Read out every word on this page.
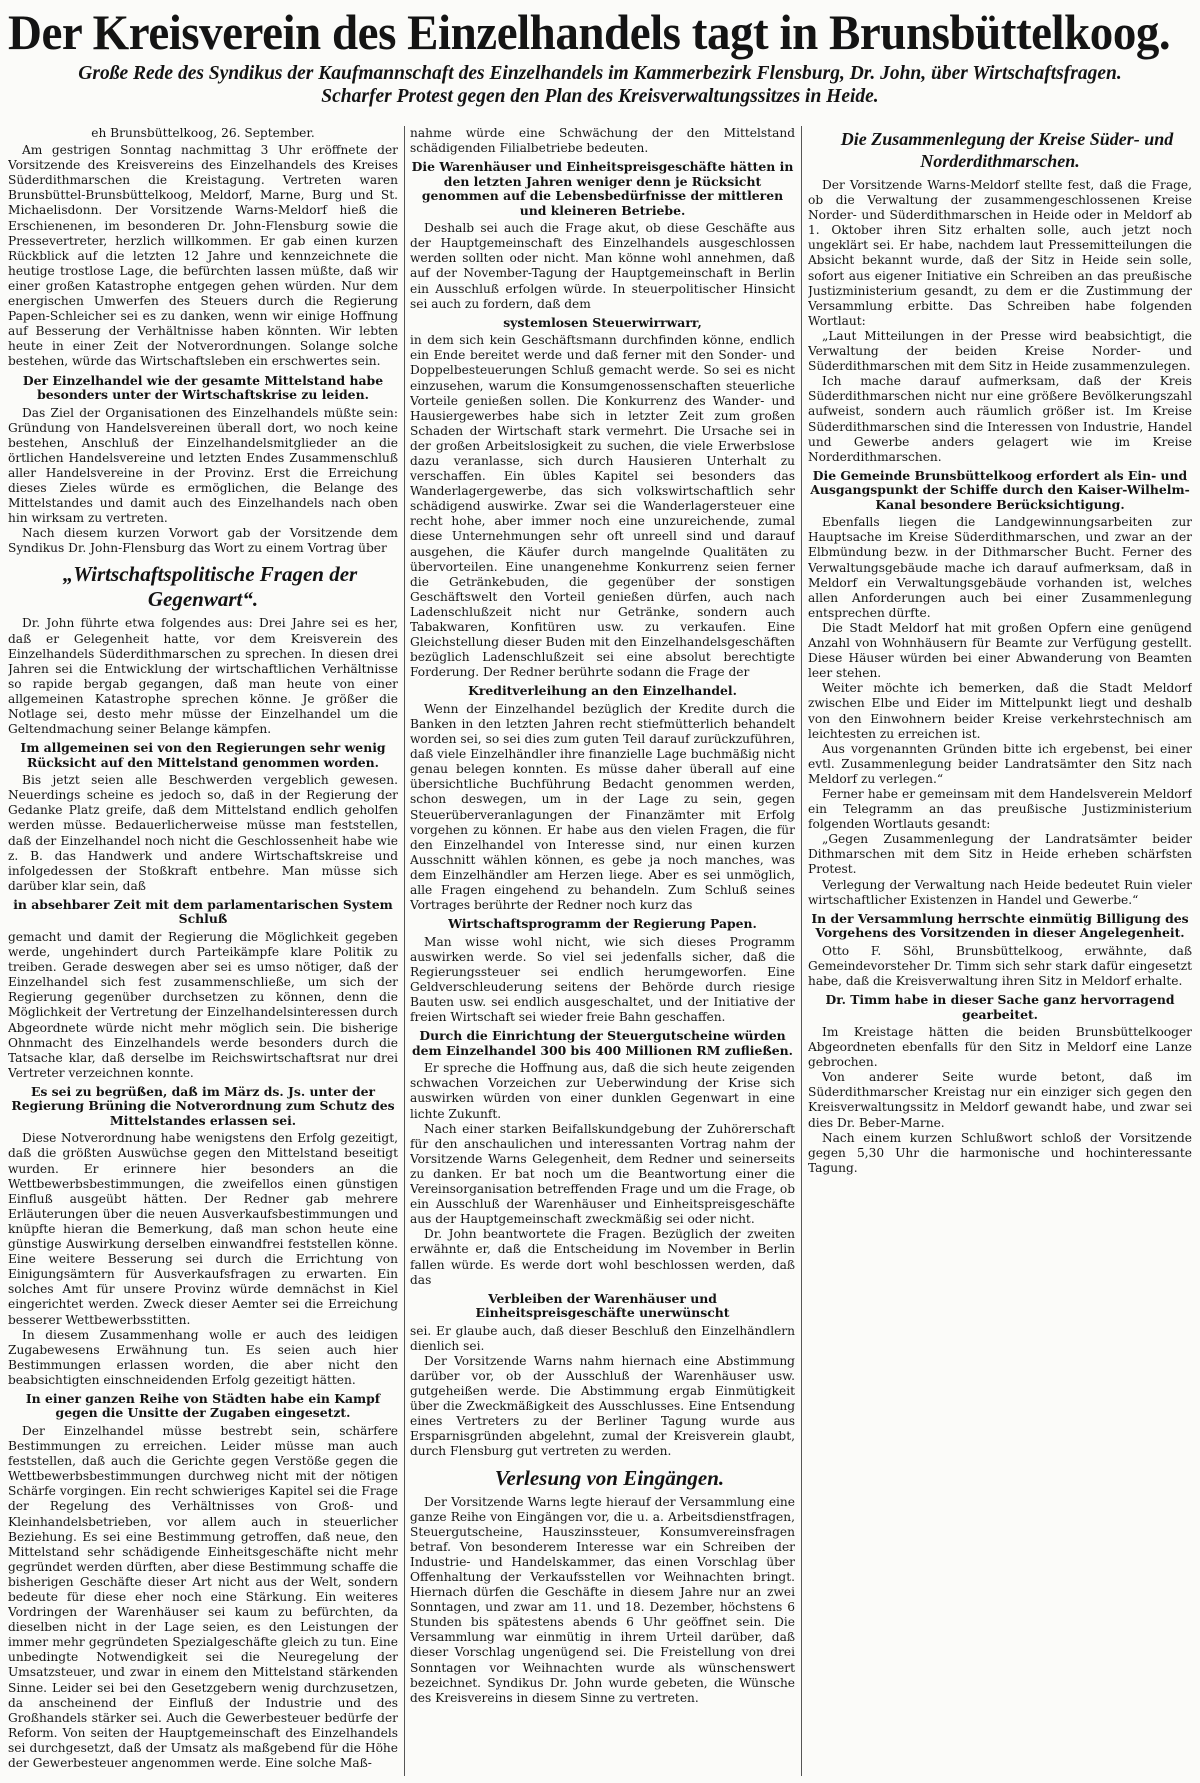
Der Kreisverein des Einzelhandels tagt in Brunsbüttelkoog.
Große Rede des Syndikus der Kaufmannschaft des Einzelhandels im Kammerbezirk Flensburg, Dr. John, über Wirtschaftsfragen.
Scharfer Protest gegen den Plan des Kreisverwaltungssitzes in Heide.

eh Brunsbüttelkoog, 26. September.

Am gestrigen Sonntag nachmittag 3 Uhr eröffnete der Vorsitzende des Kreisvereins des Einzelhandels des Kreises Süderdithmarschen die Kreistagung. Vertreten waren Brunsbüttel-Brunsbüttelkoog, Meldorf, Marne, Burg und St. Michaelisdonn. Der Vorsitzende Warns-Meldorf hieß die Erschienenen, im besonderen Dr. John-Flensburg sowie die Pressevertreter, herzlich willkommen. Er gab einen kurzen Rückblick auf die letzten 12 Jahre und kennzeichnete die heutige trostlose Lage, die befürchten lassen müßte, daß wir einer großen Katastrophe entgegen gehen würden. Nur dem energischen Umwerfen des Steuers durch die Regierung Papen-Schleicher sei es zu danken, wenn wir einige Hoffnung auf Besserung der Verhältnisse haben könnten. Wir lebten heute in einer Zeit der Notverordnungen. Solange solche bestehen, würde das Wirtschaftsleben ein erschwertes sein.

Der Einzelhandel wie der gesamte Mittelstand habe besonders unter der Wirtschaftskrise zu leiden.

Das Ziel der Organisationen des Einzelhandels müßte sein: Gründung von Handelsvereinen überall dort, wo noch keine bestehen, Anschluß der Einzelhandelsmitglieder an die örtlichen Handelsvereine und letzten Endes Zusammenschluß aller Handelsvereine in der Provinz. Erst die Erreichung dieses Zieles würde es ermöglichen, die Belange des Mittelstandes und damit auch des Einzelhandels nach oben hin wirksam zu vertreten.

Nach diesem kurzen Vorwort gab der Vorsitzende dem Syndikus Dr. John-Flensburg das Wort zu einem Vortrag über

„Wirtschaftspolitische Fragen der Gegenwart“.

Dr. John führte etwa folgendes aus: Drei Jahre sei es her, daß er Gelegenheit hatte, vor dem Kreisverein des Einzelhandels Süderdithmarschen zu sprechen. In diesen drei Jahren sei die Entwicklung der wirtschaftlichen Verhältnisse so rapide bergab gegangen, daß man heute von einer allgemeinen Katastrophe sprechen könne. Je größer die Notlage sei, desto mehr müsse der Einzelhandel um die Geltendmachung seiner Belange kämpfen.

Im allgemeinen sei von den Regierungen sehr wenig Rücksicht auf den Mittelstand genommen worden.

Bis jetzt seien alle Beschwerden vergeblich gewesen. Neuerdings scheine es jedoch so, daß in der Regierung der Gedanke Platz greife, daß dem Mittelstand endlich geholfen werden müsse. Bedauerlicherweise müsse man feststellen, daß der Einzelhandel noch nicht die Geschlossenheit habe wie z. B. das Handwerk und andere Wirtschaftskreise und infolgedessen der Stoßkraft entbehre. Man müsse sich darüber klar sein, daß

in absehbarer Zeit mit dem parlamentarischen System Schluß

gemacht und damit der Regierung die Möglichkeit gegeben werde, ungehindert durch Parteikämpfe klare Politik zu treiben. Gerade deswegen aber sei es umso nötiger, daß der Einzelhandel sich fest zusammenschließe, um sich der Regierung gegenüber durchsetzen zu können, denn die Möglichkeit der Vertretung der Einzelhandelsinteressen durch Abgeordnete würde nicht mehr möglich sein. Die bisherige Ohnmacht des Einzelhandels werde besonders durch die Tatsache klar, daß derselbe im Reichswirtschaftsrat nur drei Vertreter verzeichnen konnte.

Es sei zu begrüßen, daß im März ds. Js. unter der Regierung Brüning die Notverordnung zum Schutz des Mittelstandes erlassen sei.

Diese Notverordnung habe wenigstens den Erfolg gezeitigt, daß die größten Auswüchse gegen den Mittelstand beseitigt wurden. Er erinnere hier besonders an die Wettbewerbsbestimmungen, die zweifellos einen günstigen Einfluß ausgeübt hätten. Der Redner gab mehrere Erläuterungen über die neuen Ausverkaufsbestimmungen und knüpfte hieran die Bemerkung, daß man schon heute eine günstige Auswirkung derselben einwandfrei feststellen könne. Eine weitere Besserung sei durch die Errichtung von Einigungsämtern für Ausverkaufsfragen zu erwarten. Ein solches Amt für unsere Provinz würde demnächst in Kiel eingerichtet werden. Zweck dieser Aemter sei die Erreichung besserer Wettbewerbsstitten.

In diesem Zusammenhang wolle er auch des leidigen Zugabewesens Erwähnung tun. Es seien auch hier Bestimmungen erlassen worden, die aber nicht den beabsichtigten einschneidenden Erfolg gezeitigt hätten.

In einer ganzen Reihe von Städten habe ein Kampf gegen die Unsitte der Zugaben eingesetzt.

Der Einzelhandel müsse bestrebt sein, schärfere Bestimmungen zu erreichen. Leider müsse man auch feststellen, daß auch die Gerichte gegen Verstöße gegen die Wettbewerbsbestimmungen durchweg nicht mit der nötigen Schärfe vorgingen. Ein recht schwieriges Kapitel sei die Frage der Regelung des Verhältnisses von Groß- und Kleinhandelsbetrieben, vor allem auch in steuerlicher Beziehung. Es sei eine Bestimmung getroffen, daß neue, den Mittelstand sehr schädigende Einheitsgeschäfte nicht mehr gegründet werden dürften, aber diese Bestimmung schaffe die bisherigen Geschäfte dieser Art nicht aus der Welt, sondern bedeute für diese eher noch eine Stärkung. Ein weiteres Vordringen der Warenhäuser sei kaum zu befürchten, da dieselben nicht in der Lage seien, es den Leistungen der immer mehr gegründeten Spezialgeschäfte gleich zu tun. Eine unbedingte Notwendigkeit sei die Neuregelung der Umsatzsteuer, und zwar in einem den Mittelstand stärkenden Sinne. Leider sei bei den Gesetzgebern wenig durchzusetzen, da anscheinend der Einfluß der Industrie und des Großhandels stärker sei. Auch die Gewerbesteuer bedürfe der Reform. Von seiten der Hauptgemeinschaft des Einzelhandels sei durchgesetzt, daß der Umsatz als maßgebend für die Höhe der Gewerbesteuer angenommen werde. Eine solche Maß-

nahme würde eine Schwächung der den Mittelstand schädigenden Filialbetriebe bedeuten.

Die Warenhäuser und Einheitspreisgeschäfte hätten in den letzten Jahren weniger denn je Rücksicht genommen auf die Lebensbedürfnisse der mittleren und kleineren Betriebe.

Deshalb sei auch die Frage akut, ob diese Geschäfte aus der Hauptgemeinschaft des Einzelhandels ausgeschlossen werden sollten oder nicht. Man könne wohl annehmen, daß auf der November-Tagung der Hauptgemeinschaft in Berlin ein Ausschluß erfolgen würde. In steuerpolitischer Hinsicht sei auch zu fordern, daß dem

systemlosen Steuerwirrwarr,

in dem sich kein Geschäftsmann durchfinden könne, endlich ein Ende bereitet werde und daß ferner mit den Sonder- und Doppelbesteuerungen Schluß gemacht werde. So sei es nicht einzusehen, warum die Konsumgenossenschaften steuerliche Vorteile genießen sollen. Die Konkurrenz des Wander- und Hausiergewerbes habe sich in letzter Zeit zum großen Schaden der Wirtschaft stark vermehrt. Die Ursache sei in der großen Arbeitslosigkeit zu suchen, die viele Erwerbslose dazu veranlasse, sich durch Hausieren Unterhalt zu verschaffen. Ein übles Kapitel sei besonders das Wanderlagergewerbe, das sich volkswirtschaftlich sehr schädigend auswirke. Zwar sei die Wanderlagersteuer eine recht hohe, aber immer noch eine unzureichende, zumal diese Unternehmungen sehr oft unreell sind und darauf ausgehen, die Käufer durch mangelnde Qualitäten zu übervorteilen. Eine unangenehme Konkurrenz seien ferner die Getränkebuden, die gegenüber der sonstigen Geschäftswelt den Vorteil genießen dürfen, auch nach Ladenschlußzeit nicht nur Getränke, sondern auch Tabakwaren, Konfitüren usw. zu verkaufen. Eine Gleichstellung dieser Buden mit den Einzelhandelsgeschäften bezüglich Ladenschlußzeit sei eine absolut berechtigte Forderung. Der Redner berührte sodann die Frage der

Kreditverleihung an den Einzelhandel.

Wenn der Einzelhandel bezüglich der Kredite durch die Banken in den letzten Jahren recht stiefmütterlich behandelt worden sei, so sei dies zum guten Teil darauf zurückzuführen, daß viele Einzelhändler ihre finanzielle Lage buchmäßig nicht genau belegen konnten. Es müsse daher überall auf eine übersichtliche Buchführung Bedacht genommen werden, schon deswegen, um in der Lage zu sein, gegen Steuerüberveranlagungen der Finanzämter mit Erfolg vorgehen zu können. Er habe aus den vielen Fragen, die für den Einzelhandel von Interesse sind, nur einen kurzen Ausschnitt wählen können, es gebe ja noch manches, was dem Einzelhändler am Herzen liege. Aber es sei unmöglich, alle Fragen eingehend zu behandeln. Zum Schluß seines Vortrages berührte der Redner noch kurz das

Wirtschaftsprogramm der Regierung Papen.

Man wisse wohl nicht, wie sich dieses Programm auswirken werde. So viel sei jedenfalls sicher, daß die Regierungssteuer sei endlich herumgeworfen. Eine Geldverschleuderung seitens der Behörde durch riesige Bauten usw. sei endlich ausgeschaltet, und der Initiative der freien Wirtschaft sei wieder freie Bahn geschaffen.

Durch die Einrichtung der Steuergutscheine würden dem Einzelhandel 300 bis 400 Millionen RM zufließen.

Er spreche die Hoffnung aus, daß die sich heute zeigenden schwachen Vorzeichen zur Ueberwindung der Krise sich auswirken würden von einer dunklen Gegenwart in eine lichte Zukunft.

Nach einer starken Beifallskundgebung der Zuhörerschaft für den anschaulichen und interessanten Vortrag nahm der Vorsitzende Warns Gelegenheit, dem Redner und seinerseits zu danken. Er bat noch um die Beantwortung einer die Vereinsorganisation betreffenden Frage und um die Frage, ob ein Ausschluß der Warenhäuser und Einheitspreisgeschäfte aus der Hauptgemeinschaft zweckmäßig sei oder nicht.

Dr. John beantwortete die Fragen. Bezüglich der zweiten erwähnte er, daß die Entscheidung im November in Berlin fallen würde. Es werde dort wohl beschlossen werden, daß das

Verbleiben der Warenhäuser und Einheitspreisgeschäfte unerwünscht

sei. Er glaube auch, daß dieser Beschluß den Einzelhändlern dienlich sei.

Der Vorsitzende Warns nahm hiernach eine Abstimmung darüber vor, ob der Ausschluß der Warenhäuser usw. gutgeheißen werde. Die Abstimmung ergab Einmütigkeit über die Zweckmäßigkeit des Ausschlusses. Eine Entsendung eines Vertreters zu der Berliner Tagung wurde aus Ersparnisgründen abgelehnt, zumal der Kreisverein glaubt, durch Flensburg gut vertreten zu werden.

Verlesung von Eingängen.

Der Vorsitzende Warns legte hierauf der Versammlung eine ganze Reihe von Eingängen vor, die u. a. Arbeitsdienstfragen, Steuergutscheine, Hauszinssteuer, Konsumvereinsfragen betraf. Von besonderem Interesse war ein Schreiben der Industrie- und Handelskammer, das einen Vorschlag über Offenhaltung der Verkaufsstellen vor Weihnachten bringt. Hiernach dürfen die Geschäfte in diesem Jahre nur an zwei Sonntagen, und zwar am 11. und 18. Dezember, höchstens 6 Stunden bis spätestens abends 6 Uhr geöffnet sein. Die Versammlung war einmütig in ihrem Urteil darüber, daß dieser Vorschlag ungenügend sei. Die Freistellung von drei Sonntagen vor Weihnachten wurde als wünschenswert bezeichnet. Syndikus Dr. John wurde gebeten, die Wünsche des Kreisvereins in diesem Sinne zu vertreten.

Die Zusammenlegung der Kreise Süder- und Norderdithmarschen.

Der Vorsitzende Warns-Meldorf stellte fest, daß die Frage, ob die Verwaltung der zusammengeschlossenen Kreise Norder- und Süderdithmarschen in Heide oder in Meldorf ab 1. Oktober ihren Sitz erhalten solle, auch jetzt noch ungeklärt sei. Er habe, nachdem laut Pressemitteilungen die Absicht bekannt wurde, daß der Sitz in Heide sein solle, sofort aus eigener Initiative ein Schreiben an das preußische Justizministerium gesandt, zu dem er die Zustimmung der Versammlung erbitte. Das Schreiben habe folgenden Wortlaut:

„Laut Mitteilungen in der Presse wird beabsichtigt, die Verwaltung der beiden Kreise Norder- und Süderdithmarschen mit dem Sitz in Heide zusammenzulegen.

Ich mache darauf aufmerksam, daß der Kreis Süderdithmarschen nicht nur eine größere Bevölkerungszahl aufweist, sondern auch räumlich größer ist. Im Kreise Süderdithmarschen sind die Interessen von Industrie, Handel und Gewerbe anders gelagert wie im Kreise Norderdithmarschen.

Die Gemeinde Brunsbüttelkoog erfordert als Ein- und Ausgangspunkt der Schiffe durch den Kaiser-Wilhelm-Kanal besondere Berücksichtigung.

Ebenfalls liegen die Landgewinnungsarbeiten zur Hauptsache im Kreise Süderdithmarschen, und zwar an der Elbmündung bezw. in der Dithmarscher Bucht. Ferner des Verwaltungsgebäude mache ich darauf aufmerksam, daß in Meldorf ein Verwaltungsgebäude vorhanden ist, welches allen Anforderungen auch bei einer Zusammenlegung entsprechen dürfte.

Die Stadt Meldorf hat mit großen Opfern eine genügend Anzahl von Wohnhäusern für Beamte zur Verfügung gestellt. Diese Häuser würden bei einer Abwanderung von Beamten leer stehen.

Weiter möchte ich bemerken, daß die Stadt Meldorf zwischen Elbe und Eider im Mittelpunkt liegt und deshalb von den Einwohnern beider Kreise verkehrstechnisch am leichtesten zu erreichen ist.

Aus vorgenannten Gründen bitte ich ergebenst, bei einer evtl. Zusammenlegung beider Landratsämter den Sitz nach Meldorf zu verlegen.“

Ferner habe er gemeinsam mit dem Handelsverein Meldorf ein Telegramm an das preußische Justizministerium folgenden Wortlauts gesandt:

„Gegen Zusammenlegung der Landratsämter beider Dithmarschen mit dem Sitz in Heide erheben schärfsten Protest.

Verlegung der Verwaltung nach Heide bedeutet Ruin vieler wirtschaftlicher Existenzen in Handel und Gewerbe.“

In der Versammlung herrschte einmütig Billigung des Vorgehens des Vorsitzenden in dieser Angelegenheit.

Otto F. Söhl, Brunsbüttelkoog, erwähnte, daß Gemeindevorsteher Dr. Timm sich sehr stark dafür eingesetzt habe, daß die Kreisverwaltung ihren Sitz in Meldorf erhalte.

Dr. Timm habe in dieser Sache ganz hervorragend gearbeitet.

Im Kreistage hätten die beiden Brunsbüttelkooger Abgeordneten ebenfalls für den Sitz in Meldorf eine Lanze gebrochen.

Von anderer Seite wurde betont, daß im Süderdithmarscher Kreistag nur ein einziger sich gegen den Kreisverwaltungssitz in Meldorf gewandt habe, und zwar sei dies Dr. Beber-Marne.

Nach einem kurzen Schlußwort schloß der Vorsitzende gegen 5,30 Uhr die harmonische und hochinteressante Tagung.
